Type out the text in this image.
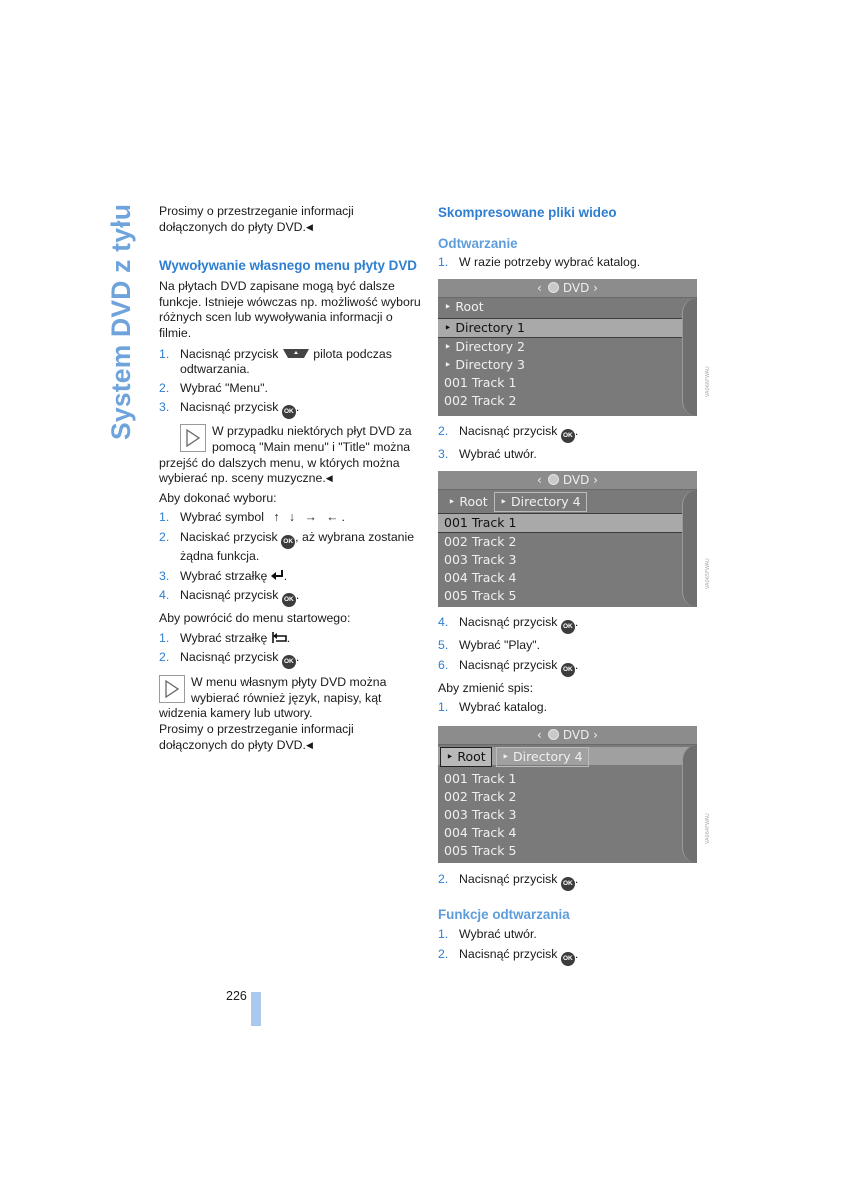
System DVD z tyłu Prosimy o przestrzeganie informacji dołączonych do płyty DVD.◀

Wywoływanie własnego menu płyty DVD

Na płytach DVD zapisane mogą być dalsze funkcje. Istnieje wówczas np. możliwość wyboru różnych scen lub wywoływania informacji o filmie.

1. Nacisnąć przycisk	pilota podczas odtwarzania.
2. Wybrać "Menu".
3. Nacisnąć przycisk OK .
W przypadku niektórych płyt DVD za pomocą "Main menu" i "Title" można przejść do dalszych menu, w których można wybierać np. sceny muzyczne.◀

Aby dokonać wyboru:

1. Wybrać symbol ↑ ↓ → ←.
2. Naciskać przycisk OK , aż wybrana zostanie żądna funkcja.
3. Wybrać strzałkę .
4. Nacisnąć przycisk OK .

Aby powrócić do menu startowego:

1. Wybrać strzałkę .
2. Nacisnąć przycisk OK .
W menu własnym płyty DVD można wybierać również język, napisy, kąt widzenia kamery lub utwory.

Prosimy o przestrzeganie informacji dołączonych do płyty DVD.◀

Skompresowane pliki wideo

Odtwarzanie

1. W razie potrzeby wybrać katalog.
‹ DVD ›
‣ Root
‣ Directory 1
‣ Directory 2
‣ Directory 3
001 Track 1
002 Track 2
VA066FWAU
2. Nacisnąć przycisk OK .
3. Wybrać utwór.
‹ DVD ›
‣ Root ‣ Directory 4
001 Track 1
002 Track 2
003 Track 3
004 Track 4
005 Track 5
VA065FWAU
4. Nacisnąć przycisk OK .
5. Wybrać "Play".
6. Nacisnąć przycisk OK .

Aby zmienić spis:

1. Wybrać katalog.
‹ DVD ›
‣ Root ‣ Directory 4
001 Track 1
002 Track 2
003 Track 3
004 Track 4
005 Track 5
VA064FWAU
2. Nacisnąć przycisk OK .

Funkcje odtwarzania

1. Wybrać utwór.
2. Nacisnąć przycisk OK .
226
